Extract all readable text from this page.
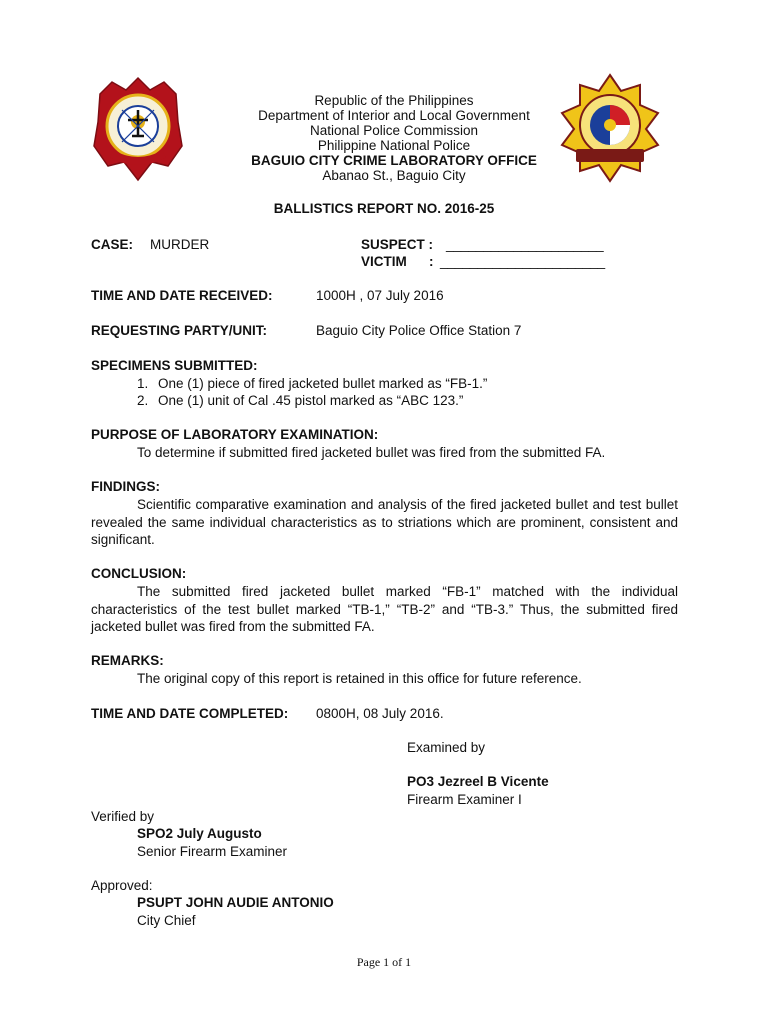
Republic of the Philippines
Department of Interior and Local Government
National Police Commission
Philippine National Police
BAGUIO CITY CRIME LABORATORY OFFICE
Abanao St., Baguio City
BALLISTICS REPORT NO. 2016-25
CASE: MURDER	SUSPECT : _____________________
VICTIM : ______________________
TIME AND DATE RECEIVED:	1000H , 07 July 2016
REQUESTING PARTY/UNIT:	Baguio City Police Office Station 7
SPECIMENS SUBMITTED:
1. One (1) piece of fired jacketed bullet marked as “FB-1.”
2. One (1) unit of Cal .45 pistol marked as “ABC 123.”
PURPOSE OF LABORATORY EXAMINATION:
To determine if submitted fired jacketed bullet was fired from the submitted FA.
FINDINGS:
Scientific comparative examination and analysis of the fired jacketed bullet and test bullet revealed the same individual characteristics as to striations which are prominent, consistent and significant.
CONCLUSION:
The submitted fired jacketed bullet marked “FB-1” matched with the individual characteristics of the test bullet marked “TB-1,” “TB-2” and “TB-3.” Thus, the submitted fired jacketed bullet was fired from the submitted FA.
REMARKS:
The original copy of this report is retained in this office for future reference.
TIME AND DATE COMPLETED: 0800H, 08 July 2016.
Examined by
PO3 Jezreel B Vicente
Firearm Examiner I
Verified by
SPO2 July Augusto
Senior Firearm Examiner
Approved:
PSUPT JOHN AUDIE ANTONIO
City Chief
Page 1 of 1
